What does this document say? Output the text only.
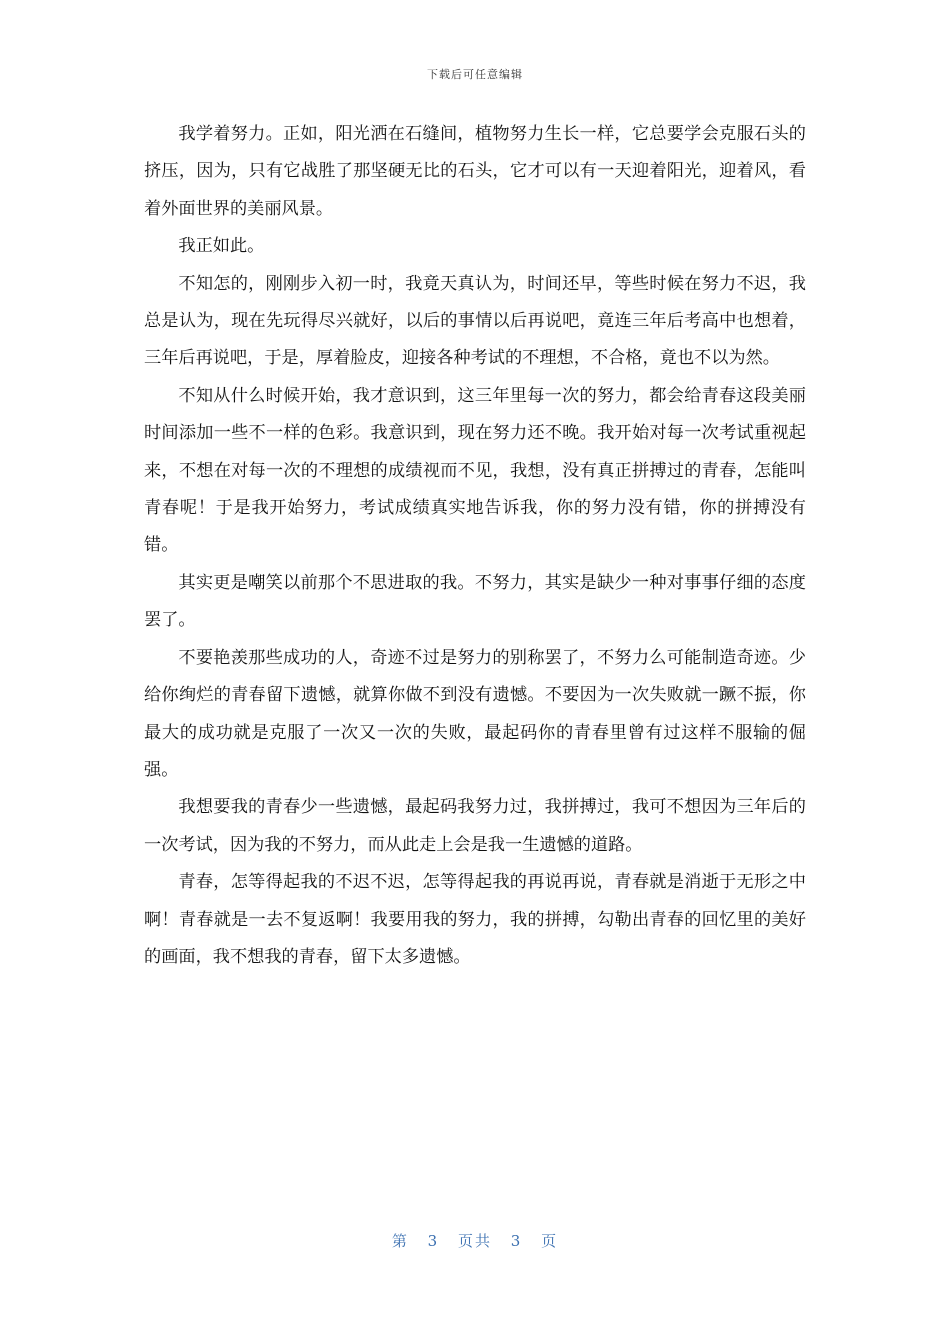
下载后可任意编辑

我学着努力。正如，阳光洒在石缝间，植物努力生长一样，它总要学会克服石头的挤压，因为，只有它战胜了那坚硬无比的石头，它才可以有一天迎着阳光，迎着风，看着外面世界的美丽风景。

我正如此。

不知怎的，刚刚步入初一时，我竟天真认为，时间还早，等些时候在努力不迟，我总是认为，现在先玩得尽兴就好，以后的事情以后再说吧，竟连三年后考高中也想着，三年后再说吧，于是，厚着脸皮，迎接各种考试的不理想，不合格，竟也不以为然。

不知从什么时候开始，我才意识到，这三年里每一次的努力，都会给青春这段美丽时间添加一些不一样的色彩。我意识到，现在努力还不晚。我开始对每一次考试重视起来，不想在对每一次的不理想的成绩视而不见，我想，没有真正拼搏过的青春，怎能叫青春呢！于是我开始努力，考试成绩真实地告诉我，你的努力没有错，你的拼搏没有错。

其实更是嘲笑以前那个不思进取的我。不努力，其实是缺少一种对事事仔细的态度罢了。

不要艳羡那些成功的人，奇迹不过是努力的别称罢了，不努力么可能制造奇迹。少给你绚烂的青春留下遗憾，就算你做不到没有遗憾。不要因为一次失败就一蹶不振，你最大的成功就是克服了一次又一次的失败，最起码你的青春里曾有过这样不服输的倔强。

我想要我的青春少一些遗憾，最起码我努力过，我拼搏过，我可不想因为三年后的一次考试，因为我的不努力，而从此走上会是我一生遗憾的道路。

青春，怎等得起我的不迟不迟，怎等得起我的再说再说，青春就是消逝于无形之中啊！青春就是一去不复返啊！我要用我的努力，我的拼搏，勾勒出青春的回忆里的美好的画面，我不想我的青春，留下太多遗憾。

第 3 页共 3 页
